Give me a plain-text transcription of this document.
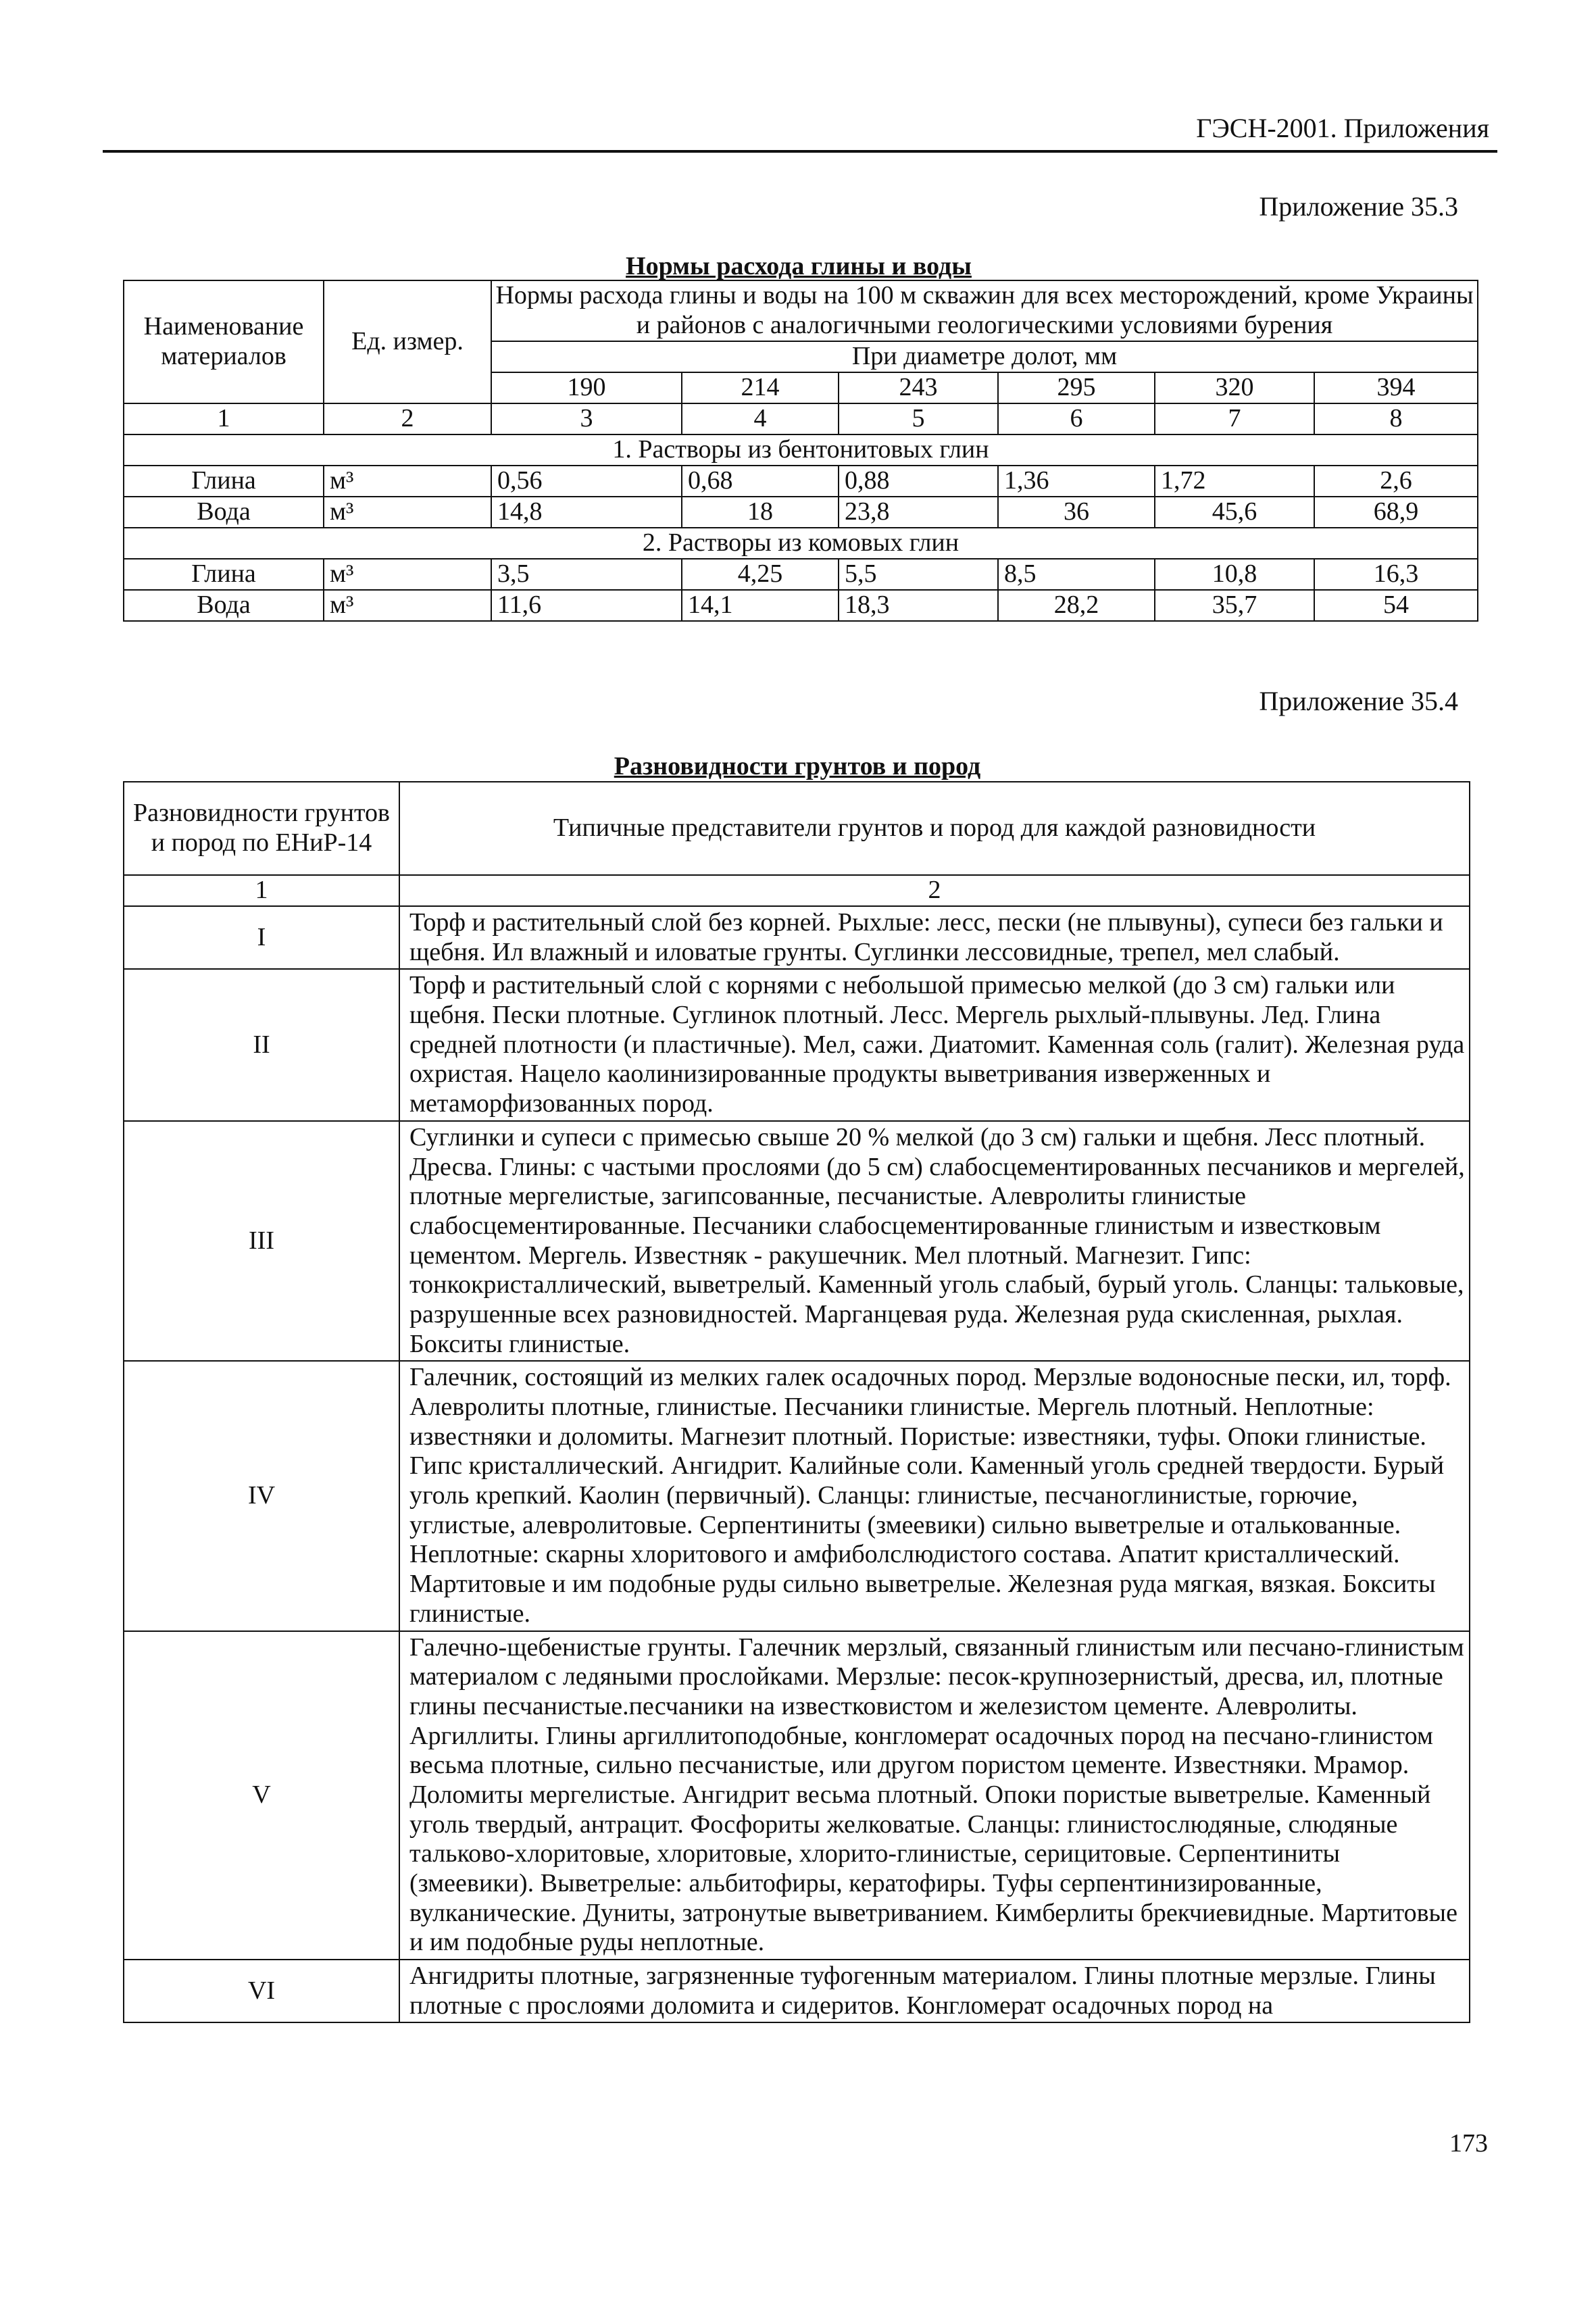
ГЭСН-2001. Приложения
Приложение 35.3
Нормы расхода глины и воды
Наименование материалов	Ед. измер.	Нормы расхода глины и воды на 100 м скважин для всех месторождений, кроме Украины и районов с аналогичными геологическими условиями бурения					
		При диаметре долот, мм					
		190	214	243	295	320	394
1	2	3	4	5	6	7	8
1. Растворы из бентонитовых глин							
Глина	м³	0,56	0,68	0,88	1,36	1,72	2,6
Вода	м³	14,8	18	23,8	36	45,6	68,9
2. Растворы из комовых глин							
Глина	м³	3,5	4,25	5,5	8,5	10,8	16,3
Вода	м³	11,6	14,1	18,3	28,2	35,7	54
Приложение 35.4
Разновидности грунтов и пород
Разновидности грунтов и пород по ЕНиР-14	Типичные представители грунтов и пород для каждой разновидности
1	2
I	Торф и растительный слой без корней. Рыхлые: лесс, пески (не плывуны), супеси без гальки и щебня. Ил влажный и иловатые грунты. Суглинки лессовидные, трепел, мел слабый.
II	Торф и растительный слой с корнями с небольшой примесью мелкой (до 3 см) гальки или щебня. Пески плотные. Суглинок плотный. Лесс. Мергель рыхлый-плывуны. Лед. Глина средней плотности (и пластичные). Мел, сажи. Диатомит. Каменная соль (галит). Железная руда охристая. Нацело каолинизированные продукты выветривания изверженных и метаморфизованных пород.
III	Суглинки и супеси с примесью свыше 20 % мелкой (до 3 см) гальки и щебня. Лесс плотный. Дресва. Глины: с частыми прослоями (до 5 см) слабосцементированных песчаников и мергелей, плотные мергелистые, загипсованные, песчанистые. Алевролиты глинистые слабосцементированные. Песчаники слабосцементированные глинистым и известковым цементом. Мергель. Известняк - ракушечник. Мел плотный. Магнезит. Гипс: тонкокристаллический, выветрелый. Каменный уголь слабый, бурый уголь. Сланцы: тальковые, разрушенные всех разновидностей. Марганцевая руда. Железная руда скисленная, рыхлая. Бокситы глинистые.
IV	Галечник, состоящий из мелких галек осадочных пород. Мерзлые водоносные пески, ил, торф. Алевролиты плотные, глинистые. Песчаники глинистые. Мергель плотный. Неплотные: известняки и доломиты. Магнезит плотный. Пористые: известняки, туфы. Опоки глинистые. Гипс кристаллический. Ангидрит. Калийные соли. Каменный уголь средней твердости. Бурый уголь крепкий. Каолин (первичный). Сланцы: глинистые, песчаноглинистые, горючие, углистые, алевролитовые. Серпентиниты (змеевики) сильно выветрелые и оталькованные. Неплотные: скарны хлоритового и амфиболслюдистого состава. Апатит кристаллический. Мартитовые и им подобные руды сильно выветрелые. Железная руда мягкая, вязкая. Бокситы глинистые.
V	Галечно-щебенистые грунты. Галечник мерзлый, связанный глинистым или песчано-глинистым материалом с ледяными прослойками. Мерзлые: песок-крупнозернистый, дресва, ил, плотные глины песчанистые.песчаники на известковистом и железистом цементе. Алевролиты. Аргиллиты. Глины аргиллитоподобные, конгломерат осадочных пород на песчано-глинистом весьма плотные, сильно песчанистые, или другом пористом цементе. Известняки. Мрамор. Доломиты мергелистые. Ангидрит весьма плотный. Опоки пористые выветрелые. Каменный уголь твердый, антрацит. Фосфориты желковатые. Сланцы: глинистослюдяные, слюдяные тальково-хлоритовые, хлоритовые, хлорито-глинистые, серицитовые. Серпентиниты (змеевики). Выветрелые: альбитофиры, кератофиры. Туфы серпентинизированные, вулканические. Дуниты, затронутые выветриванием. Кимберлиты брекчиевидные. Мартитовые и им подобные руды неплотные.
VI	Ангидриты плотные, загрязненные туфогенным материалом. Глины плотные мерзлые. Глины плотные с прослоями доломита и сидеритов. Конгломерат осадочных пород на
173
